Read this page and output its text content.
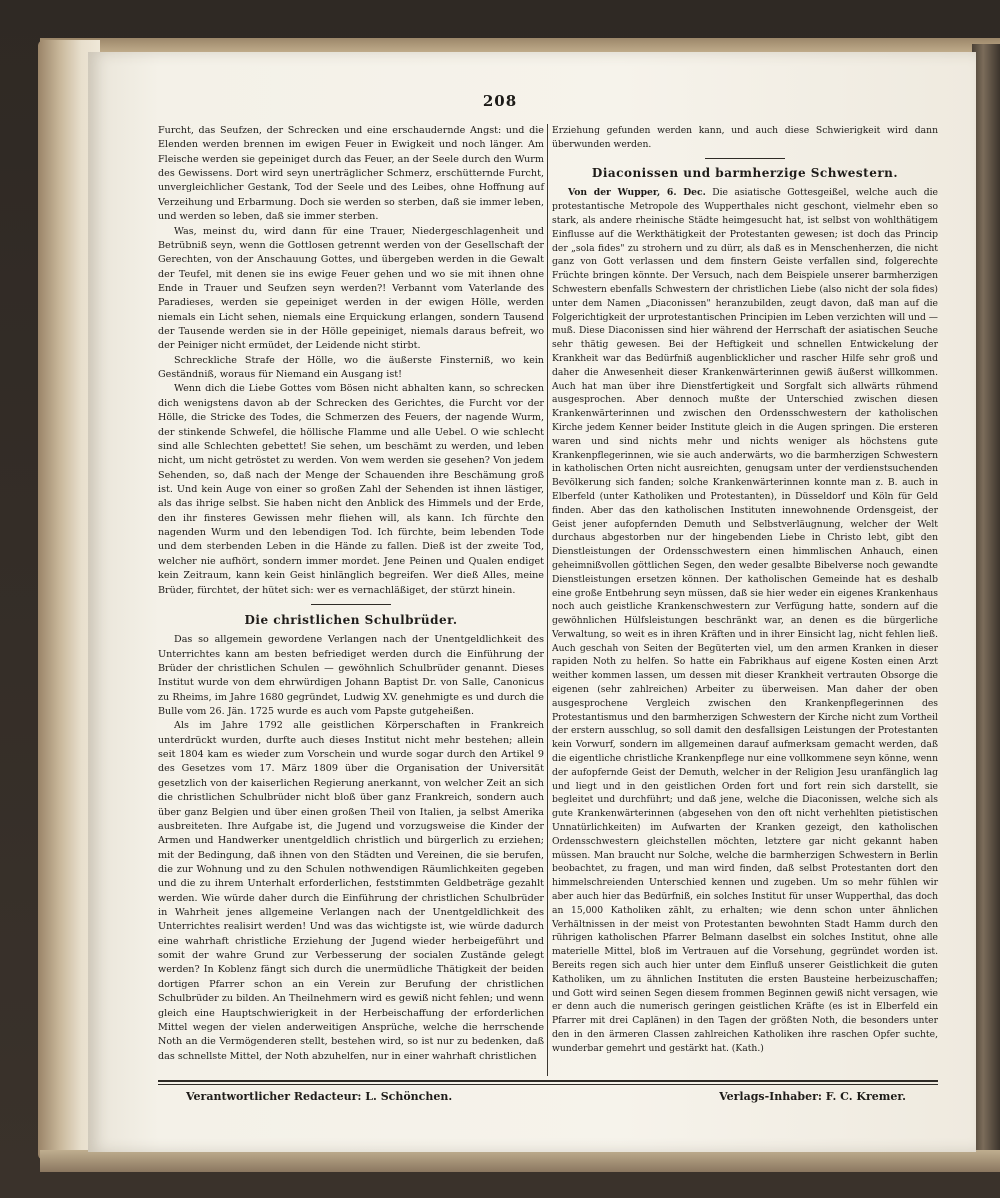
208

Furcht, das Seufzen, der Schrecken und eine erschaudernde Angst: und die Elenden werden brennen im ewigen Feuer in Ewigkeit und noch länger. Am Fleische werden sie gepeiniget durch das Feuer, an der Seele durch den Wurm des Gewissens. Dort wird seyn unerträglicher Schmerz, erschütternde Furcht, unvergleichlicher Gestank, Tod der Seele und des Leibes, ohne Hoffnung auf Verzeihung und Erbarmung. Doch sie werden so sterben, daß sie immer leben, und werden so leben, daß sie immer sterben.

Was, meinst du, wird dann für eine Trauer, Niedergeschlagenheit und Betrübniß seyn, wenn die Gottlosen getrennt werden von der Gesellschaft der Gerechten, von der Anschauung Gottes, und übergeben werden in die Gewalt der Teufel, mit denen sie ins ewige Feuer gehen und wo sie mit ihnen ohne Ende in Trauer und Seufzen seyn werden?! Verbannt vom Vaterlande des Paradieses, werden sie gepeiniget werden in der ewigen Hölle, werden niemals ein Licht sehen, niemals eine Erquickung erlangen, sondern Tausend der Tausende werden sie in der Hölle gepeiniget, niemals daraus befreit, wo der Peiniger nicht ermüdet, der Leidende nicht stirbt.

Schreckliche Strafe der Hölle, wo die äußerste Finsterniß, wo kein Geständniß, woraus für Niemand ein Ausgang ist!

Wenn dich die Liebe Gottes vom Bösen nicht abhalten kann, so schrecken dich wenigstens davon ab der Schrecken des Gerichtes, die Furcht vor der Hölle, die Stricke des Todes, die Schmerzen des Feuers, der nagende Wurm, der stinkende Schwefel, die höllische Flamme und alle Uebel. O wie schlecht sind alle Schlechten gebettet! Sie sehen, um beschämt zu werden, und leben nicht, um nicht getröstet zu werden. Von wem werden sie gesehen? Von jedem Sehenden, so, daß nach der Menge der Schauenden ihre Beschämung groß ist. Und kein Auge von einer so großen Zahl der Sehenden ist ihnen lästiger, als das ihrige selbst. Sie haben nicht den Anblick des Himmels und der Erde, den ihr finsteres Gewissen mehr fliehen will, als kann. Ich fürchte den nagenden Wurm und den lebendigen Tod. Ich fürchte, beim lebenden Tode und dem sterbenden Leben in die Hände zu fallen. Dieß ist der zweite Tod, welcher nie aufhört, sondern immer mordet. Jene Peinen und Qualen endiget kein Zeitraum, kann kein Geist hinlänglich begreifen. Wer dieß Alles, meine Brüder, fürchtet, der hütet sich: wer es vernachläßiget, der stürzt hinein.

Die christlichen Schulbrüder.

Das so allgemein gewordene Verlangen nach der Unentgeldlichkeit des Unterrichtes kann am besten befriediget werden durch die Einführung der Brüder der christlichen Schulen — gewöhnlich Schulbrüder genannt. Dieses Institut wurde von dem ehrwürdigen Johann Baptist Dr. von Salle, Canonicus zu Rheims, im Jahre 1680 gegründet, Ludwig XV. genehmigte es und durch die Bulle vom 26. Jän. 1725 wurde es auch vom Papste gutgeheißen.

Als im Jahre 1792 alle geistlichen Körperschaften in Frankreich unterdrückt wurden, durfte auch dieses Institut nicht mehr bestehen; allein seit 1804 kam es wieder zum Vorschein und wurde sogar durch den Artikel 9 des Gesetzes vom 17. März 1809 über die Organisation der Universität gesetzlich von der kaiserlichen Regierung anerkannt, von welcher Zeit an sich die christlichen Schulbrüder nicht bloß über ganz Frankreich, sondern auch über ganz Belgien und über einen großen Theil von Italien, ja selbst Amerika ausbreiteten. Ihre Aufgabe ist, die Jugend und vorzugsweise die Kinder der Armen und Handwerker unentgeldlich christlich und bürgerlich zu erziehen; mit der Bedingung, daß ihnen von den Städten und Vereinen, die sie berufen, die zur Wohnung und zu den Schulen nothwendigen Räumlichkeiten gegeben und die zu ihrem Unterhalt erforderlichen, feststimmten Geldbeträge gezahlt werden. Wie würde daher durch die Einführung der christlichen Schulbrüder in Wahrheit jenes allgemeine Verlangen nach der Unentgeldlichkeit des Unterrichtes realisirt werden! Und was das wichtigste ist, wie würde dadurch eine wahrhaft christliche Erziehung der Jugend wieder herbeigeführt und somit der wahre Grund zur Verbesserung der socialen Zustände gelegt werden? In Koblenz fängt sich durch die unermüdliche Thätigkeit der beiden dortigen Pfarrer schon an ein Verein zur Berufung der christlichen Schulbrüder zu bilden. An Theilnehmern wird es gewiß nicht fehlen; und wenn gleich eine Hauptschwierigkeit in der Herbeischaffung der erforderlichen Mittel wegen der vielen anderweitigen Ansprüche, welche die herrschende Noth an die Vermögenderen stellt, bestehen wird, so ist nur zu bedenken, daß das schnellste Mittel, der Noth abzuhelfen, nur in einer wahrhaft christlichen

Erziehung gefunden werden kann, und auch diese Schwierigkeit wird dann überwunden werden.

Diaconissen und barmherzige Schwestern.

Von der Wupper, 6. Dec. Die asiatische Gottesgeißel, welche auch die protestantische Metropole des Wupperthales nicht geschont, vielmehr eben so stark, als andere rheinische Städte heimgesucht hat, ist selbst von wohlthätigem Einflusse auf die Werkthätigkeit der Protestanten gewesen; ist doch das Princip der „sola fides" zu strohern und zu dürr, als daß es in Menschenherzen, die nicht ganz von Gott verlassen und dem finstern Geiste verfallen sind, folgerechte Früchte bringen könnte. Der Versuch, nach dem Beispiele unserer barmherzigen Schwestern ebenfalls Schwestern der christlichen Liebe (also nicht der sola fides) unter dem Namen „Diaconissen" heranzubilden, zeugt davon, daß man auf die Folgerichtigkeit der urprotestantischen Principien im Leben verzichten will und — muß. Diese Diaconissen sind hier während der Herrschaft der asiatischen Seuche sehr thätig gewesen. Bei der Heftigkeit und schnellen Entwickelung der Krankheit war das Bedürfniß augenblicklicher und rascher Hilfe sehr groß und daher die Anwesenheit dieser Krankenwärterinnen gewiß äußerst willkommen. Auch hat man über ihre Dienstfertigkeit und Sorgfalt sich allwärts rühmend ausgesprochen. Aber dennoch mußte der Unterschied zwischen diesen Krankenwärterinnen und zwischen den Ordensschwestern der katholischen Kirche jedem Kenner beider Institute gleich in die Augen springen. Die ersteren waren und sind nichts mehr und nichts weniger als höchstens gute Krankenpflegerinnen, wie sie auch anderwärts, wo die barmherzigen Schwestern in katholischen Orten nicht ausreichten, genugsam unter der verdienstsuchenden Bevölkerung sich fanden; solche Krankenwärterinnen konnte man z. B. auch in Elberfeld (unter Katholiken und Protestanten), in Düsseldorf und Köln für Geld finden. Aber das den katholischen Instituten innewohnende Ordensgeist, der Geist jener aufopfernden Demuth und Selbstverläugnung, welcher der Welt durchaus abgestorben nur der hingebenden Liebe in Christo lebt, gibt den Dienstleistungen der Ordensschwestern einen himmlischen Anhauch, einen geheimnißvollen göttlichen Segen, den weder gesalbte Bibelverse noch gewandte Dienstleistungen ersetzen können. Der katholischen Gemeinde hat es deshalb eine große Entbehrung seyn müssen, daß sie hier weder ein eigenes Krankenhaus noch auch geistliche Krankenschwestern zur Verfügung hatte, sondern auf die gewöhnlichen Hülfsleistungen beschränkt war, an denen es die bürgerliche Verwaltung, so weit es in ihren Kräften und in ihrer Einsicht lag, nicht fehlen ließ. Auch geschah von Seiten der Begüterten viel, um den armen Kranken in dieser rapiden Noth zu helfen. So hatte ein Fabrikhaus auf eigene Kosten einen Arzt weither kommen lassen, um dessen mit dieser Krankheit vertrauten Obsorge die eigenen (sehr zahlreichen) Arbeiter zu überweisen. Man daher der oben ausgesprochene Vergleich zwischen den Krankenpflegerinnen des Protestantismus und den barmherzigen Schwestern der Kirche nicht zum Vortheil der erstern ausschlug, so soll damit den desfallsigen Leistungen der Protestanten kein Vorwurf, sondern im allgemeinen darauf aufmerksam gemacht werden, daß die eigentliche christliche Krankenpflege nur eine vollkommene seyn könne, wenn der aufopfernde Geist der Demuth, welcher in der Religion Jesu uranfänglich lag und liegt und in den geistlichen Orden fort und fort rein sich darstellt, sie begleitet und durchführt; und daß jene, welche die Diaconissen, welche sich als gute Krankenwärterinnen (abgesehen von den oft nicht verhehlten pietistischen Unnatürlichkeiten) im Aufwarten der Kranken gezeigt, den katholischen Ordensschwestern gleichstellen möchten, letztere gar nicht gekannt haben müssen. Man braucht nur Solche, welche die barmherzigen Schwestern in Berlin beobachtet, zu fragen, und man wird finden, daß selbst Protestanten dort den himmelschreienden Unterschied kennen und zugeben. Um so mehr fühlen wir aber auch hier das Bedürfniß, ein solches Institut für unser Wupperthal, das doch an 15,000 Katholiken zählt, zu erhalten; wie denn schon unter ähnlichen Verhältnissen in der meist von Protestanten bewohnten Stadt Hamm durch den rührigen katholischen Pfarrer Belmann daselbst ein solches Institut, ohne alle materielle Mittel, bloß im Vertrauen auf die Vorsehung, gegründet worden ist. Bereits regen sich auch hier unter dem Einfluß unserer Geistlichkeit die guten Katholiken, um zu ähnlichen Instituten die ersten Bausteine herbeizuschaffen; und Gott wird seinen Segen diesem frommen Beginnen gewiß nicht versagen, wie er denn auch die numerisch geringen geistlichen Kräfte (es ist in Elberfeld ein Pfarrer mit drei Caplänen) in den Tagen der größten Noth, die besonders unter den in den ärmeren Classen zahlreichen Katholiken ihre raschen Opfer suchte, wunderbar gemehrt und gestärkt hat. (Kath.)

Verantwortlicher Redacteur: L. Schönchen.	Verlags-Inhaber: F. C. Kremer.
